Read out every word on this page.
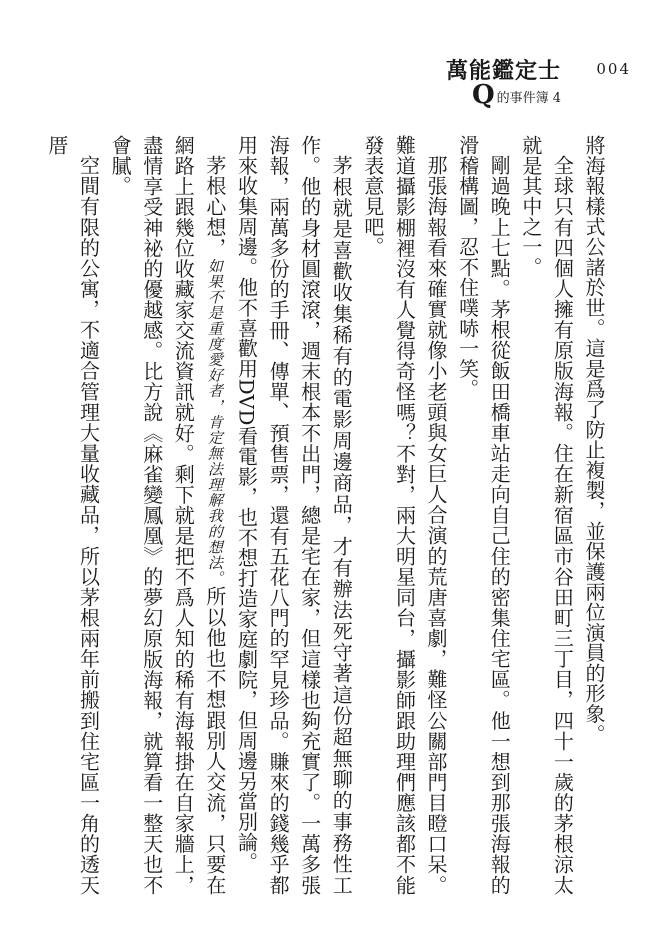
萬能鑑定士 004
Q 的事件簿 4

將海報樣式公諸於世。這是爲了防止複製，並保護兩位演員的形象。

全球只有四個人擁有原版海報。住在新宿區市谷田町三丁目，四十一歲的茅根涼太就是其中之一。

剛過晚上七點。茅根從飯田橋車站走向自己住的密集住宅區。他一想到那張海報的滑稽構圖，忍不住噗哧一笑。

那張海報看來確實就像小老頭與女巨人合演的荒唐喜劇，難怪公關部門目瞪口呆。難道攝影棚裡沒有人覺得奇怪嗎？不對，兩大明星同台，攝影師跟助理們應該都不能發表意見吧。

茅根就是喜歡收集稀有的電影周邊商品，才有辦法死守著這份超無聊的事務性工作。他的身材圓滾滾，週末根本不出門，總是宅在家，但這樣也夠充實了。一萬多張海報，兩萬多份的手冊、傳單、預售票，還有五花八門的罕見珍品。賺來的錢幾乎都用來收集周邊。他不喜歡用DVD看電影，也不想打造家庭劇院，但周邊另當別論。

茅根心想，如果不是重度愛好者，肯定無法理解我的想法。所以他也不想跟別人交流，只要在網路上跟幾位收藏家交流資訊就好。剩下就是把不爲人知的稀有海報掛在自家牆上，盡情享受神祕的優越感。比方說《麻雀變鳳凰》的夢幻原版海報，就算看一整天也不會膩。

空間有限的公寓，不適合管理大量收藏品，所以茅根兩年前搬到住宅區一角的透天厝
